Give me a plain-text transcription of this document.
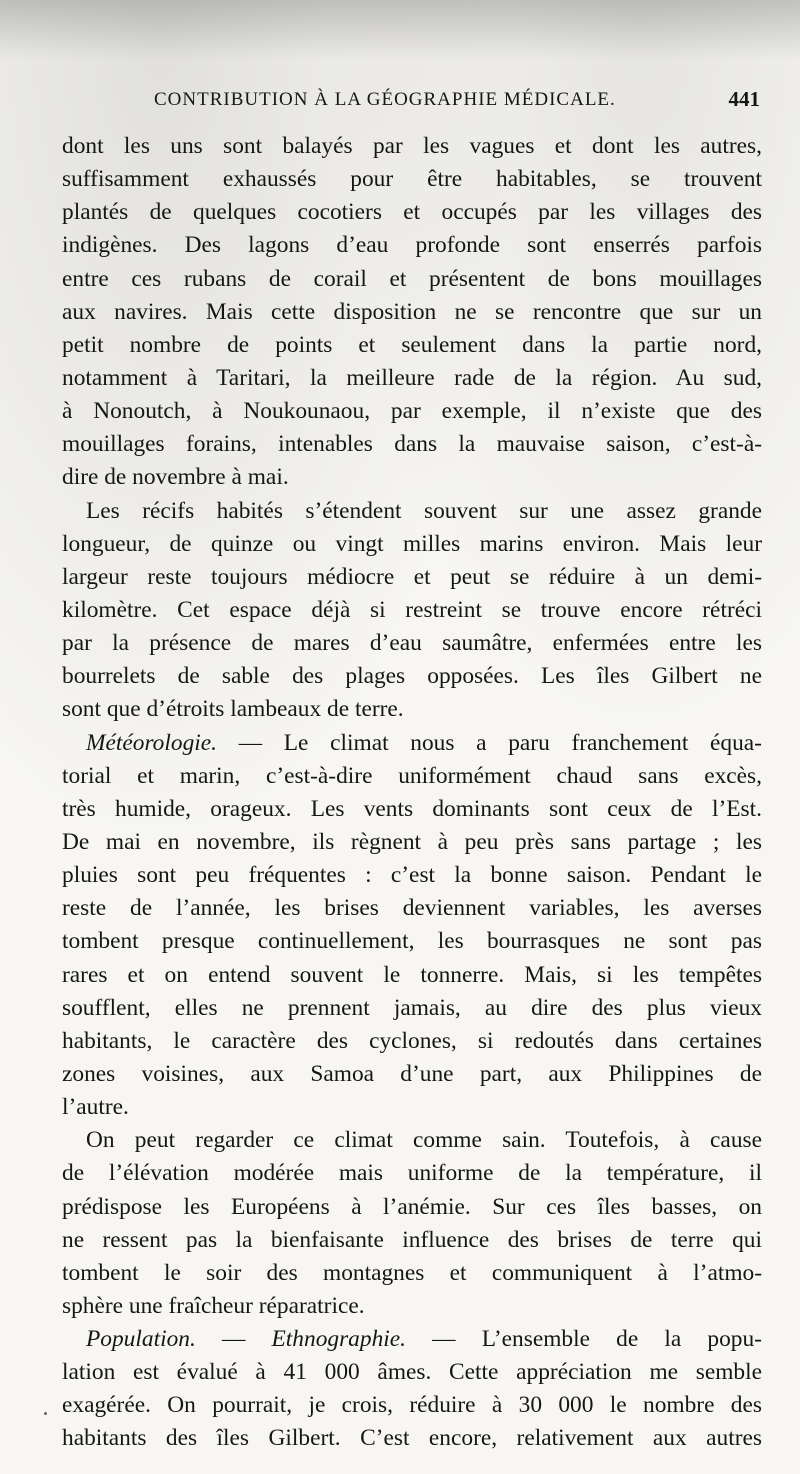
CONTRIBUTION À LA GÉOGRAPHIE MÉDICALE.	441
dont les uns sont balayés par les vagues et dont les autres,
suffisamment exhaussés pour être habitables, se trouvent
plantés de quelques cocotiers et occupés par les villages des
indigènes. Des lagons d’eau profonde sont enserrés parfois
entre ces rubans de corail et présentent de bons mouillages
aux navires. Mais cette disposition ne se rencontre que sur un
petit nombre de points et seulement dans la partie nord,
notamment à Taritari, la meilleure rade de la région. Au sud,
à Nonoutch, à Noukounaou, par exemple, il n’existe que des
mouillages forains, intenables dans la mauvaise saison, c’est-à-
dire de novembre à mai.
Les récifs habités s’étendent souvent sur une assez grande
longueur, de quinze ou vingt milles marins environ. Mais leur
largeur reste toujours médiocre et peut se réduire à un demi-
kilomètre. Cet espace déjà si restreint se trouve encore rétréci
par la présence de mares d’eau saumâtre, enfermées entre les
bourrelets de sable des plages opposées. Les îles Gilbert ne
sont que d’étroits lambeaux de terre.
Météorologie. — Le climat nous a paru franchement équa-
torial et marin, c’est-à-dire uniformément chaud sans excès,
très humide, orageux. Les vents dominants sont ceux de l’Est.
De mai en novembre, ils règnent à peu près sans partage ; les
pluies sont peu fréquentes : c’est la bonne saison. Pendant le
reste de l’année, les brises deviennent variables, les averses
tombent presque continuellement, les bourrasques ne sont pas
rares et on entend souvent le tonnerre. Mais, si les tempêtes
soufflent, elles ne prennent jamais, au dire des plus vieux
habitants, le caractère des cyclones, si redoutés dans certaines
zones voisines, aux Samoa d’une part, aux Philippines de
l’autre.
On peut regarder ce climat comme sain. Toutefois, à cause
de l’élévation modérée mais uniforme de la température, il
prédispose les Européens à l’anémie. Sur ces îles basses, on
ne ressent pas la bienfaisante influence des brises de terre qui
tombent le soir des montagnes et communiquent à l’atmo-
sphère une fraîcheur réparatrice.
Population. — Ethnographie. — L’ensemble de la popu-
lation est évalué à 41 000 âmes. Cette appréciation me semble
exagérée. On pourrait, je crois, réduire à 30 000 le nombre des
habitants des îles Gilbert. C’est encore, relativement aux autres
